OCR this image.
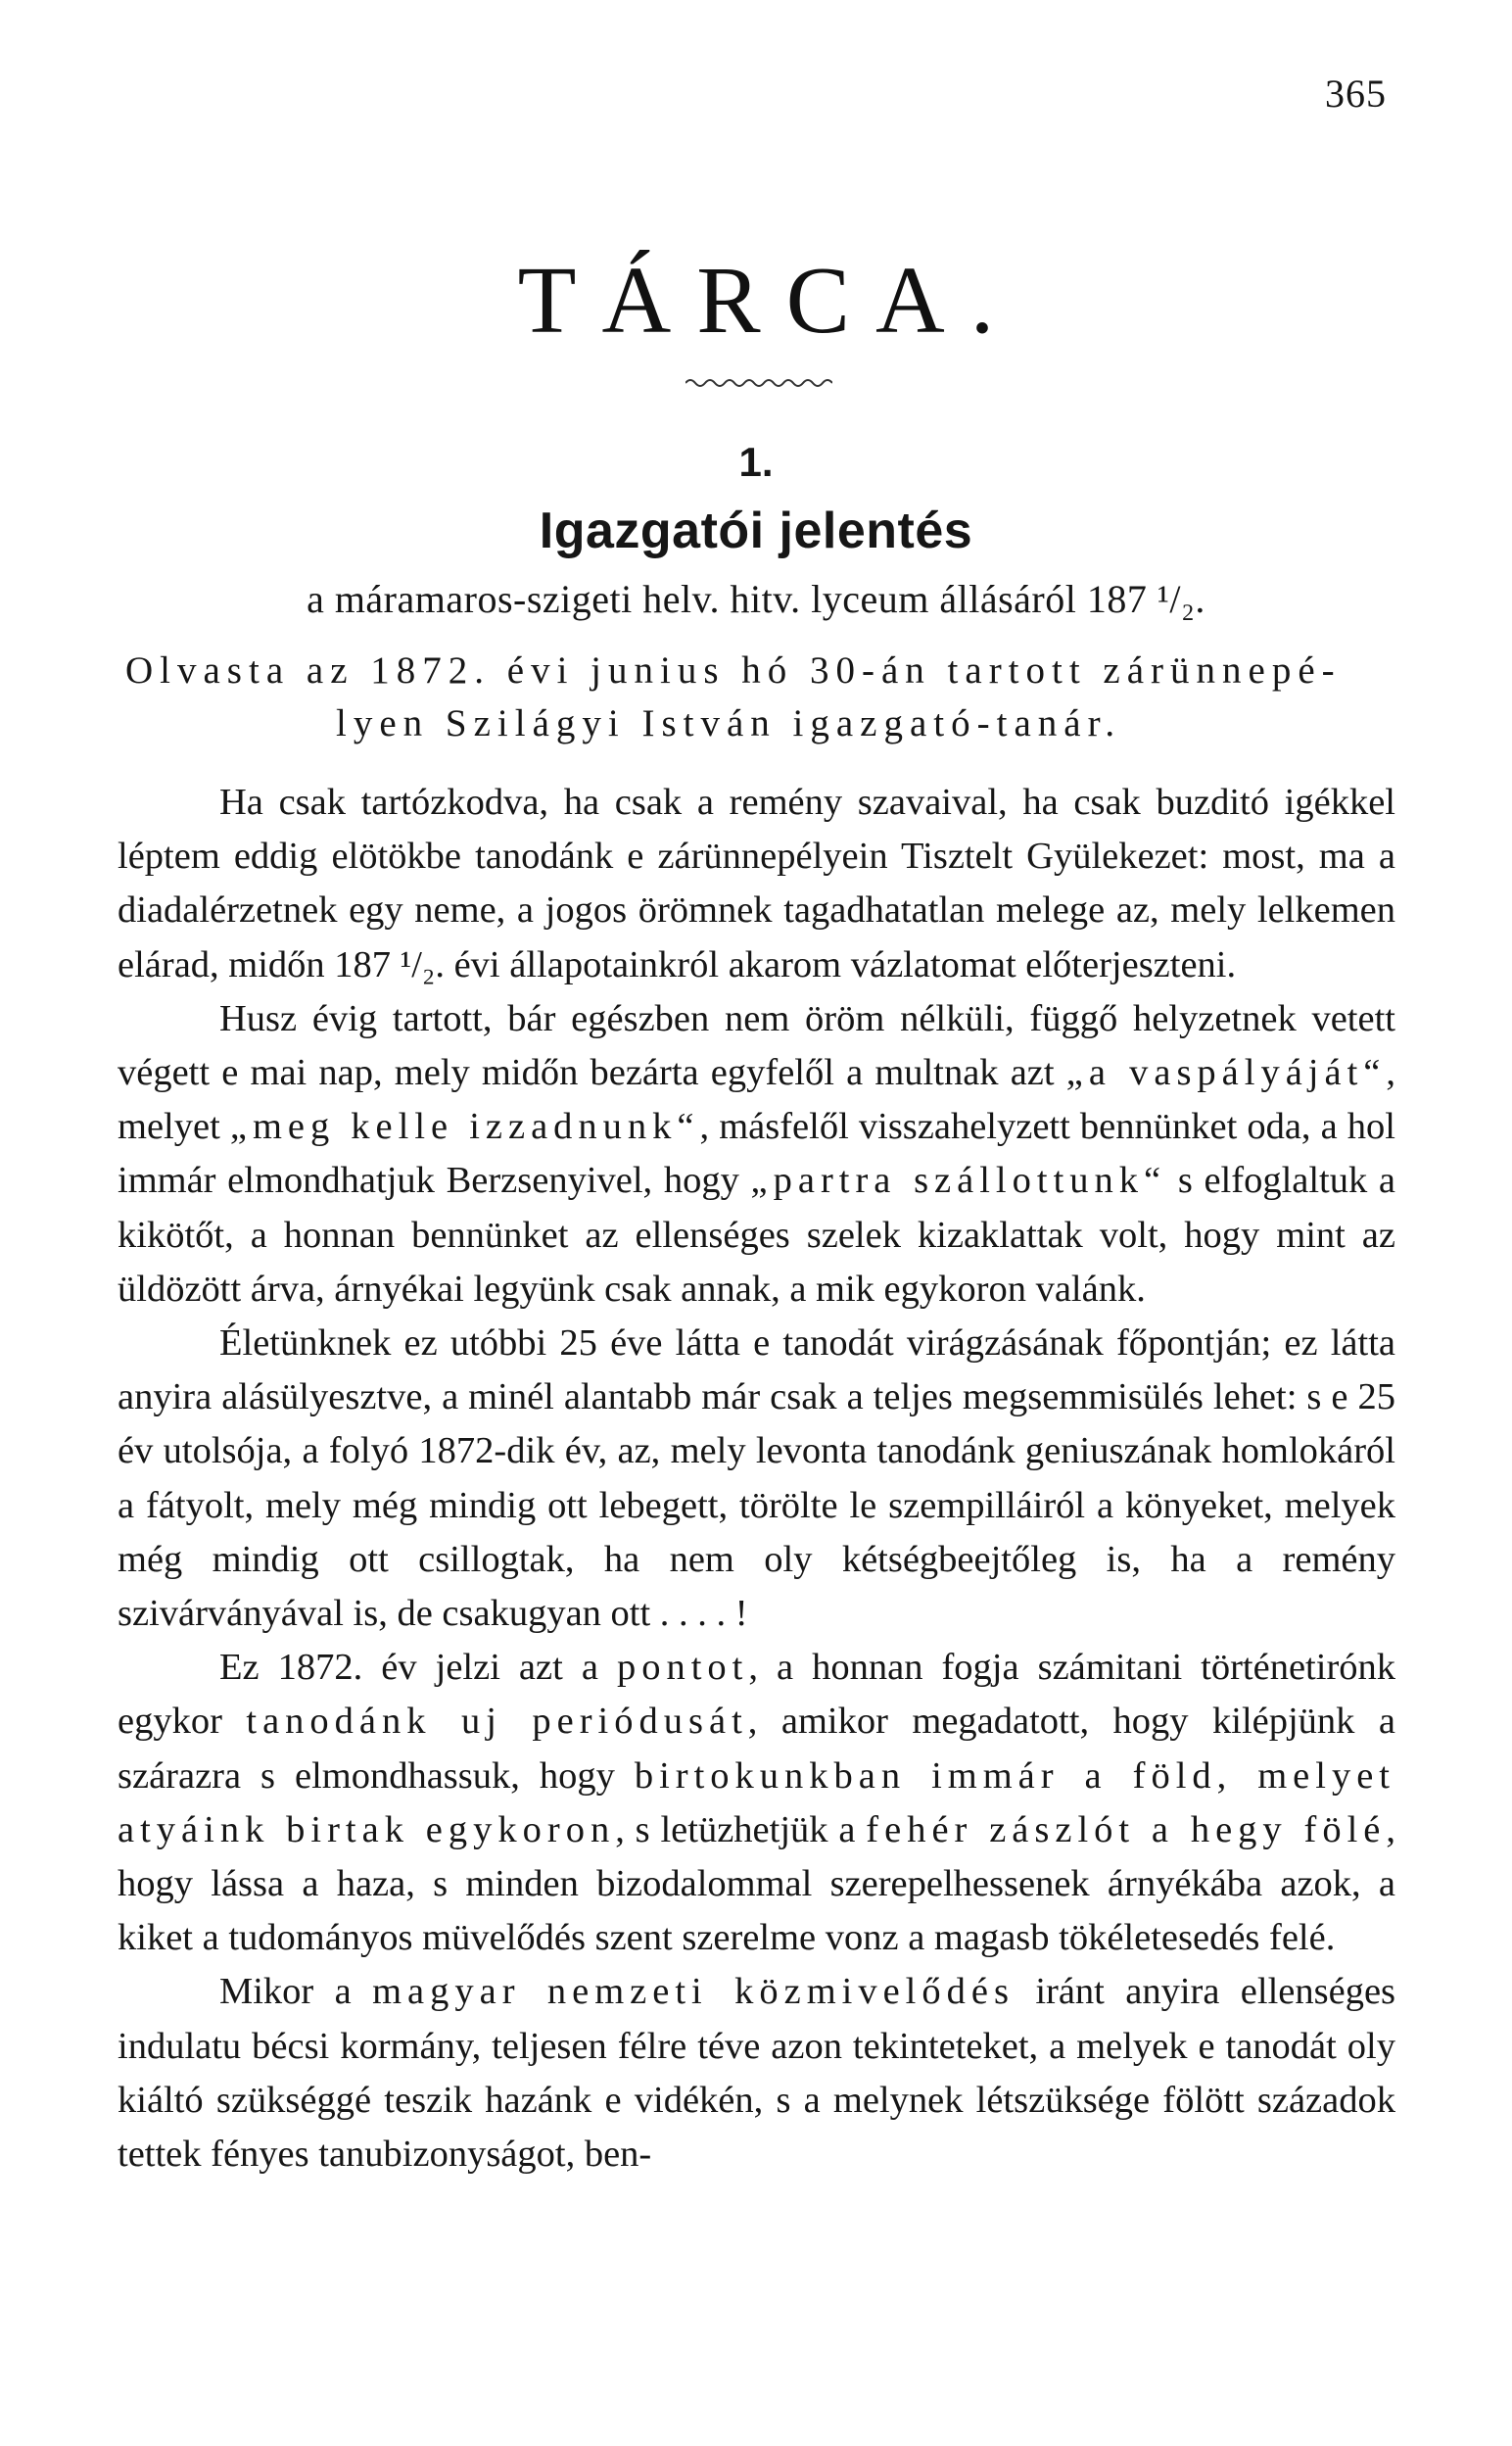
365
TÁRCA.
1.
Igazgatói jelentés
a máramaros-szigeti helv. hitv. lyceum állásáról 187 ¹/₂.
Olvasta az 1872. évi junius hó 30-án tartott zárünnepé-
lyen Szilágyi István igazgató-tanár.

Ha csak tartózkodva, ha csak a remény szavaival, ha csak buzditó igékkel léptem eddig elötökbe tanodánk e zárünnepélyein Tisztelt Gyülekezet: most, ma a diadalérzetnek egy neme, a jogos örömnek tagadhatatlan melege az, mely lelkemen elárad, midőn 187 ¹/₂. évi állapotainkról akarom vázlatomat előterjeszteni.

Husz évig tartott, bár egészben nem öröm nélküli, függő helyzetnek vetett végett e mai nap, mely midőn bezárta egyfelől a multnak azt „a vaspályáját“, melyet „meg kelle izzadnunk“, másfelől visszahelyzett bennünket oda, a hol immár elmondhatjuk Berzsenyivel, hogy „partra szállottunk“ s elfoglaltuk a kikötőt, a honnan bennünket az ellenséges szelek kizaklattak volt, hogy mint az üldözött árva, árnyékai legyünk csak annak, a mik egykoron valánk.

Életünknek ez utóbbi 25 éve látta e tanodát virágzásának főpontján; ez látta anyira alásülyesztve, a minél alantabb már csak a teljes megsemmisülés lehet: s e 25 év utolsója, a folyó 1872-dik év, az, mely levonta tanodánk geniuszának homlokáról a fátyolt, mely még mindig ott lebegett, törölte le szempilláiról a könyeket, melyek még mindig ott csillogtak, ha nem oly kétségbeejtőleg is, ha a remény szivárványával is, de csakugyan ott . . . . !

Ez 1872. év jelzi azt a pontot, a honnan fogja számitani történetirónk egykor tanodánk uj periódusát, amikor megadatott, hogy kilépjünk a szárazra s elmondhassuk, hogy birtokunkban immár a föld, melyet atyáink birtak egykoron, s letüzhetjük a fehér zászlót a hegy fölé, hogy lássa a haza, s minden bizodalommal szerepelhessenek árnyékába azok, a kiket a tudományos müvelődés szent szerelme vonz a magasb tökéletesedés felé.

Mikor a magyar nemzeti közmivelődés iránt anyira ellenséges indulatu bécsi kormány, teljesen félre téve azon tekinteteket, a melyek e tanodát oly kiáltó szükséggé teszik hazánk e vidékén, s a melynek létszüksége fölött századok tettek fényes tanubizonyságot, ben-
